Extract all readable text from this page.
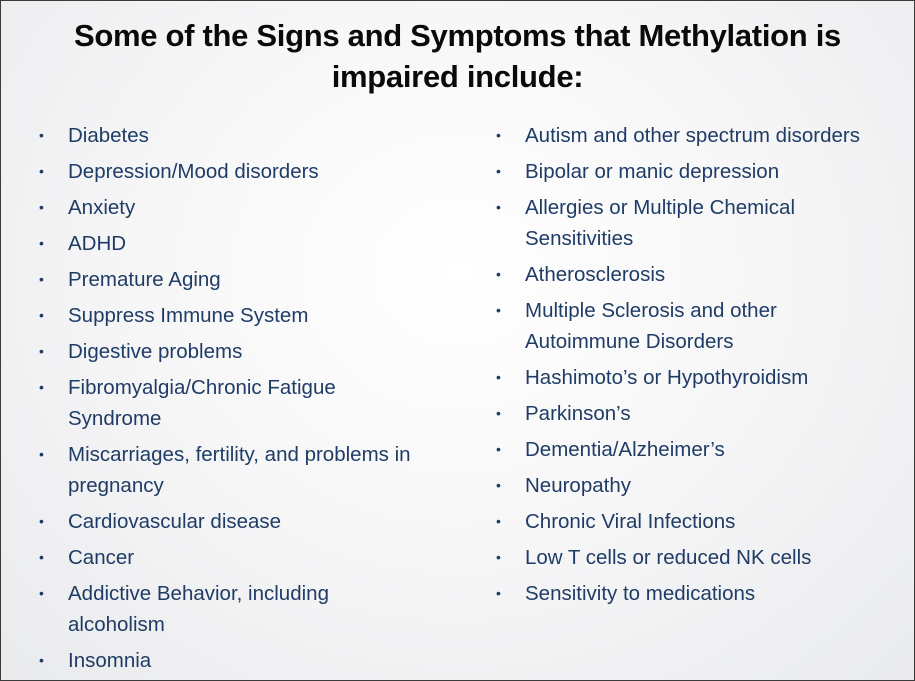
Some of the Signs and Symptoms that Methylation is impaired include:
•	Diabetes
•	Depression/Mood disorders
•	Anxiety
•	ADHD
•	Premature Aging
•	Suppress Immune System
•	Digestive problems
•	Fibromyalgia/Chronic Fatigue Syndrome
•	Miscarriages, fertility, and problems in pregnancy
•	Cardiovascular disease
•	Cancer
•	Addictive Behavior, including alcoholism
•	Insomnia
•	Autism and other spectrum disorders
•	Bipolar or manic depression
•	Allergies or Multiple Chemical Sensitivities
•	Atherosclerosis
•	Multiple Sclerosis and other Autoimmune Disorders
•	Hashimoto’s or Hypothyroidism
•	Parkinson’s
•	Dementia/Alzheimer’s
•	Neuropathy
•	Chronic Viral Infections
•	Low T cells or reduced NK cells
•	Sensitivity to medications
